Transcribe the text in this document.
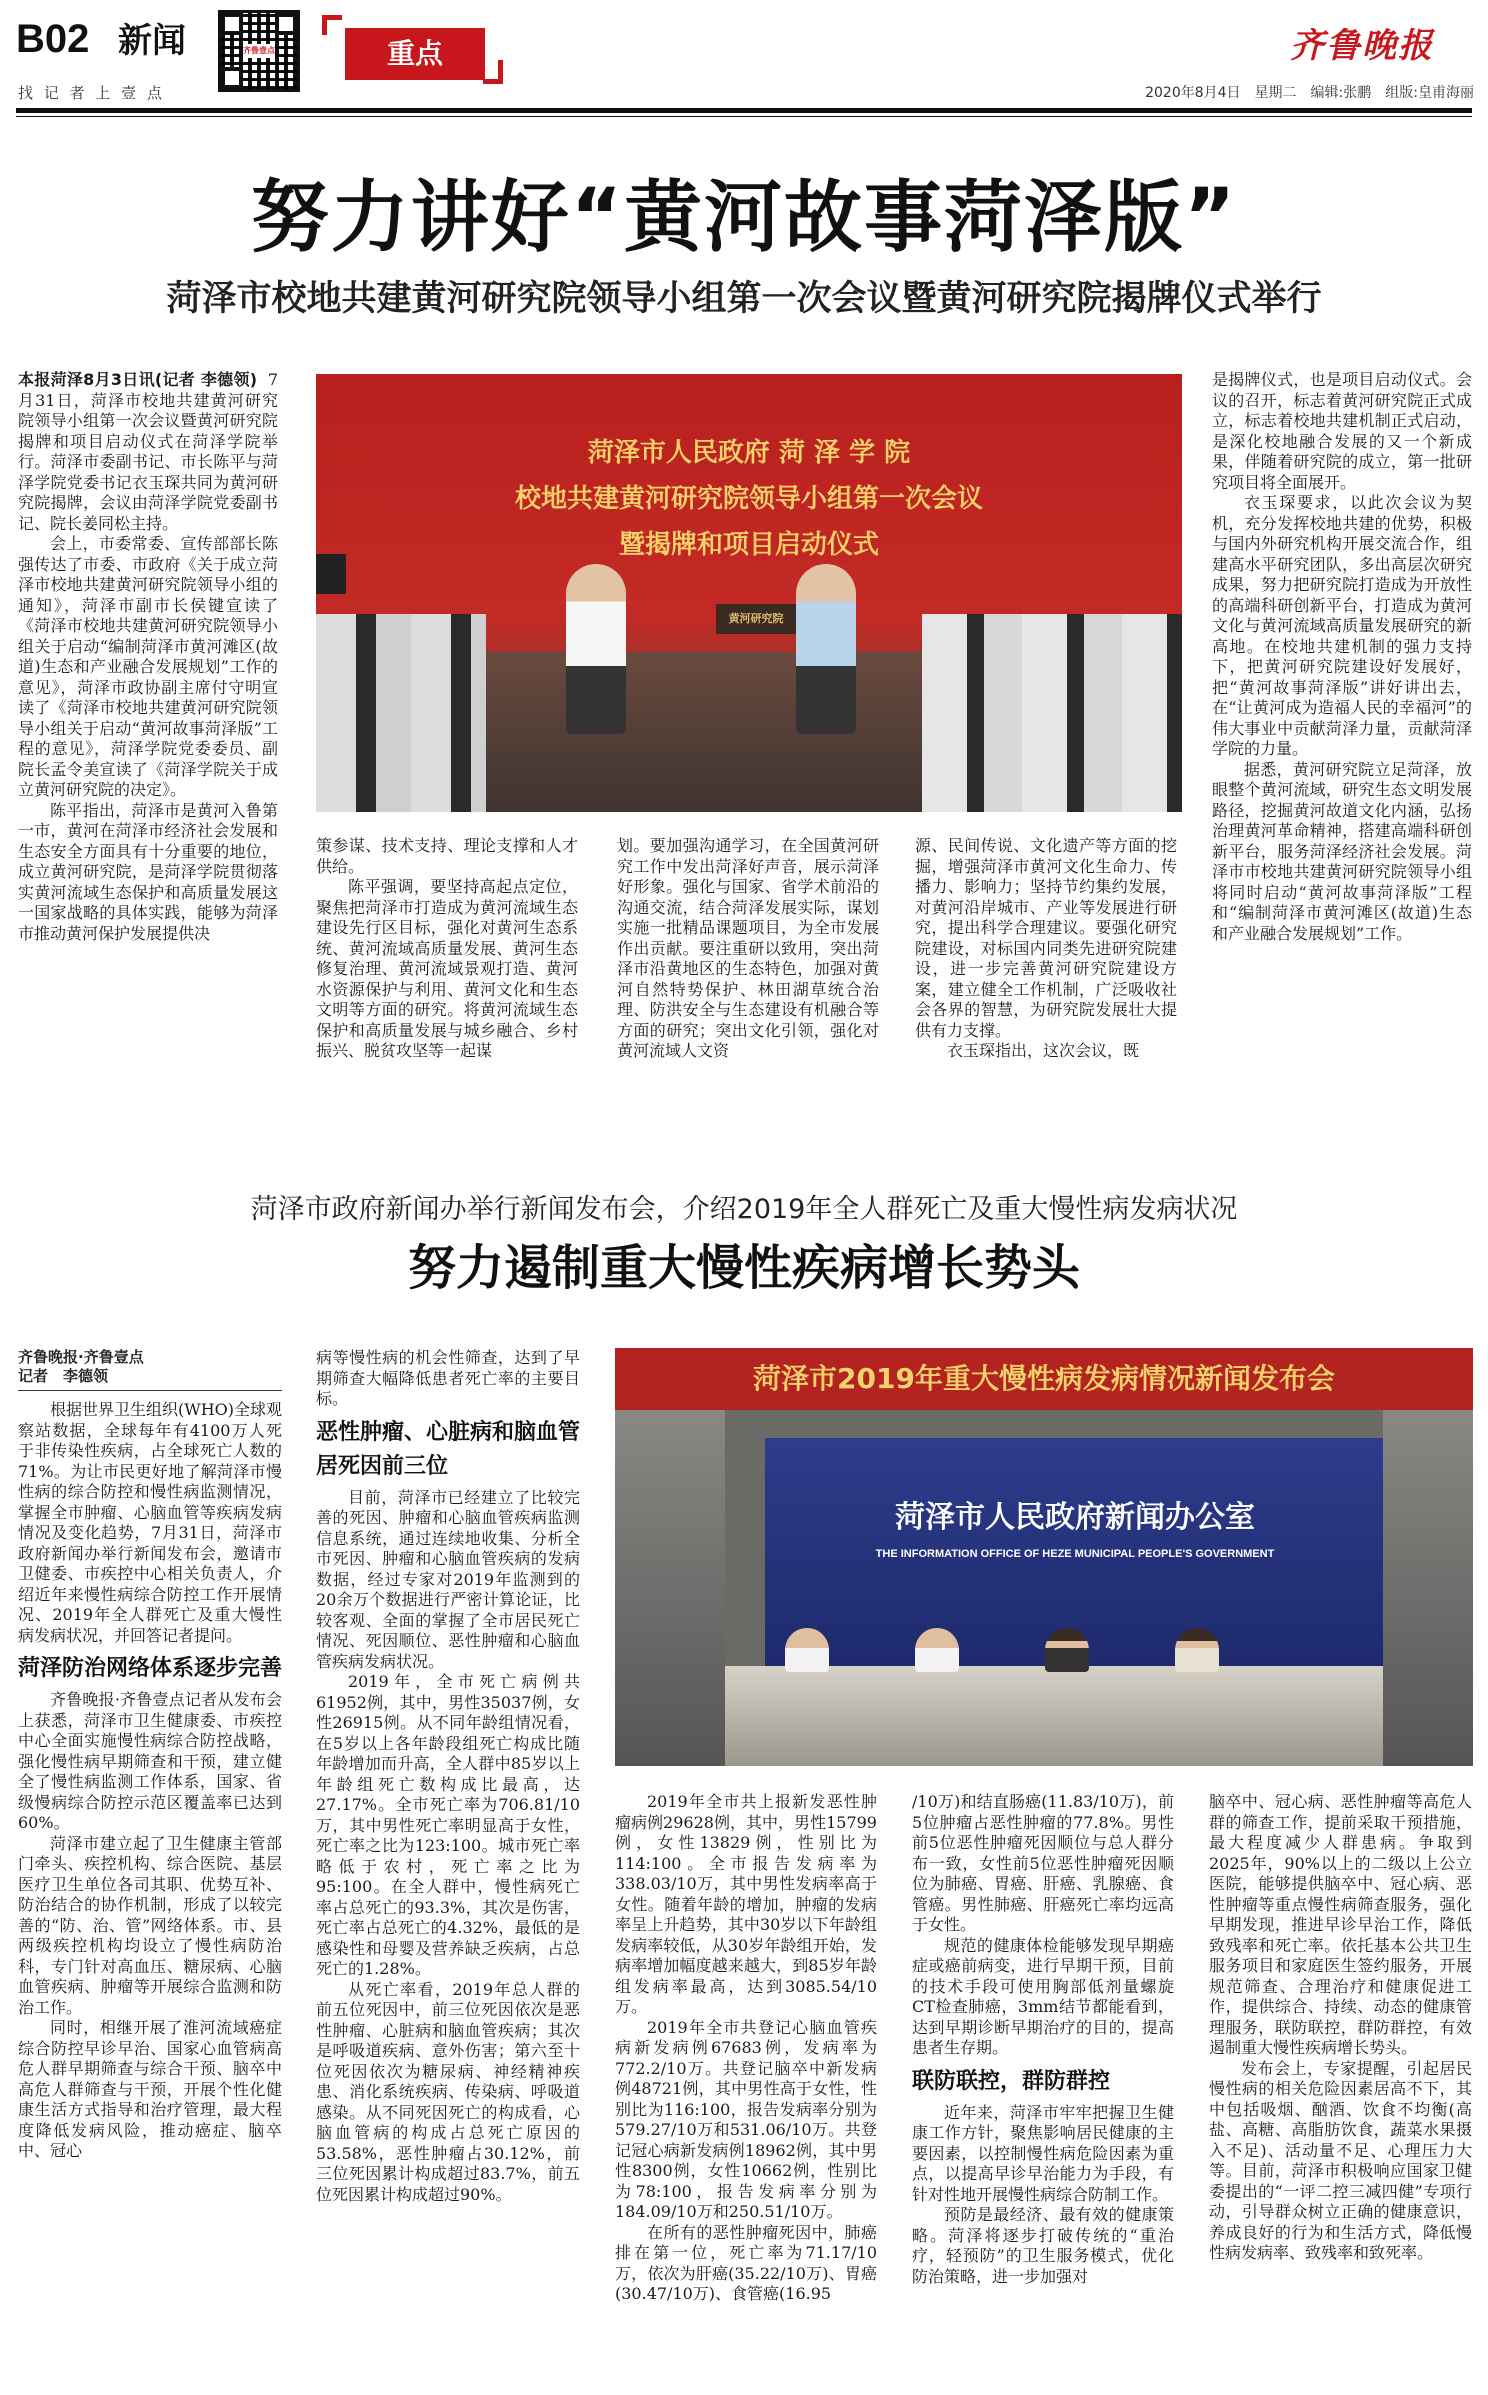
B02 新闻
找 记 者 上 壹 点
齐鲁壹点	重点	齐鲁晚报
2020年8月4日　星期二　编辑:张鹏　组版:皇甫海丽
努力讲好“黄河故事菏泽版”
菏泽市校地共建黄河研究院领导小组第一次会议暨黄河研究院揭牌仪式举行

本报菏泽8月3日讯(记者 李德领) 7月31日，菏泽市校地共建黄河研究院领导小组第一次会议暨黄河研究院揭牌和项目启动仪式在菏泽学院举行。菏泽市委副书记、市长陈平与菏泽学院党委书记衣玉琛共同为黄河研究院揭牌，会议由菏泽学院党委副书记、院长姜同松主持。

会上，市委常委、宣传部部长陈强传达了市委、市政府《关于成立菏泽市校地共建黄河研究院领导小组的通知》，菏泽市副市长侯键宣读了《菏泽市校地共建黄河研究院领导小组关于启动“编制菏泽市黄河滩区(故道)生态和产业融合发展规划”工作的意见》，菏泽市政协副主席付守明宣读了《菏泽市校地共建黄河研究院领导小组关于启动“黄河故事菏泽版”工程的意见》，菏泽学院党委委员、副院长孟令美宣读了《菏泽学院关于成立黄河研究院的决定》。

陈平指出，菏泽市是黄河入鲁第一市，黄河在菏泽市经济社会发展和生态安全方面具有十分重要的地位，成立黄河研究院，是菏泽学院贯彻落实黄河流域生态保护和高质量发展这一国家战略的具体实践，能够为菏泽市推动黄河保护发展提供决

菏泽市人民政府 菏 泽 学 院
校地共建黄河研究院领导小组第一次会议
暨揭牌和项目启动仪式
黄河研究院

策参谋、技术支持、理论支撑和人才供给。

陈平强调，要坚持高起点定位，聚焦把菏泽市打造成为黄河流域生态建设先行区目标，强化对黄河生态系统、黄河流域高质量发展、黄河生态修复治理、黄河流域景观打造、黄河水资源保护与利用、黄河文化和生态文明等方面的研究。将黄河流域生态保护和高质量发展与城乡融合、乡村振兴、脱贫攻坚等一起谋

划。要加强沟通学习，在全国黄河研究工作中发出菏泽好声音，展示菏泽好形象。强化与国家、省学术前沿的沟通交流，结合菏泽发展实际，谋划实施一批精品课题项目，为全市发展作出贡献。要注重研以致用，突出菏泽市沿黄地区的生态特色，加强对黄河自然特势保护、林田湖草统合治理、防洪安全与生态建设有机融合等方面的研究；突出文化引领，强化对黄河流域人文资

源、民间传说、文化遗产等方面的挖掘，增强菏泽市黄河文化生命力、传播力、影响力；坚持节约集约发展，对黄河沿岸城市、产业等发展进行研究，提出科学合理建议。要强化研究院建设，对标国内同类先进研究院建设，进一步完善黄河研究院建设方案，建立健全工作机制，广泛吸收社会各界的智慧，为研究院发展壮大提供有力支撑。

衣玉琛指出，这次会议，既

是揭牌仪式，也是项目启动仪式。会议的召开，标志着黄河研究院正式成立，标志着校地共建机制正式启动，是深化校地融合发展的又一个新成果，伴随着研究院的成立，第一批研究项目将全面展开。

衣玉琛要求，以此次会议为契机，充分发挥校地共建的优势，积极与国内外研究机构开展交流合作，组建高水平研究团队，多出高层次研究成果，努力把研究院打造成为开放性的高端科研创新平台，打造成为黄河文化与黄河流域高质量发展研究的新高地。在校地共建机制的强力支持下，把黄河研究院建设好发展好，把“黄河故事菏泽版”讲好讲出去，在“让黄河成为造福人民的幸福河”的伟大事业中贡献菏泽力量，贡献菏泽学院的力量。

据悉，黄河研究院立足菏泽，放眼整个黄河流域，研究生态文明发展路径，挖掘黄河故道文化内涵，弘扬治理黄河革命精神，搭建高端科研创新平台，服务菏泽经济社会发展。菏泽市市校地共建黄河研究院领导小组将同时启动“黄河故事菏泽版”工程和“编制菏泽市黄河滩区(故道)生态和产业融合发展规划”工作。

菏泽市政府新闻办举行新闻发布会，介绍2019年全人群死亡及重大慢性病发病状况
努力遏制重大慢性疾病增长势头
齐鲁晚报·齐鲁壹点
记者　李德领

根据世界卫生组织(WHO)全球观察站数据，全球每年有4100万人死于非传染性疾病，占全球死亡人数的71%。为让市民更好地了解菏泽市慢性病的综合防控和慢性病监测情况，掌握全市肿瘤、心脑血管等疾病发病情况及变化趋势，7月31日，菏泽市政府新闻办举行新闻发布会，邀请市卫健委、市疾控中心相关负责人，介绍近年来慢性病综合防控工作开展情况、2019年全人群死亡及重大慢性病发病状况，并回答记者提问。

菏泽防治网络体系逐步完善

齐鲁晚报·齐鲁壹点记者从发布会上获悉，菏泽市卫生健康委、市疾控中心全面实施慢性病综合防控战略，强化慢性病早期筛查和干预，建立健全了慢性病监测工作体系，国家、省级慢病综合防控示范区覆盖率已达到60%。

菏泽市建立起了卫生健康主管部门牵头、疾控机构、综合医院、基层医疗卫生单位各司其职、优势互补、防治结合的协作机制，形成了以较完善的“防、治、管”网络体系。市、县两级疾控机构均设立了慢性病防治科，专门针对高血压、糖尿病、心脑血管疾病、肿瘤等开展综合监测和防治工作。

同时，相继开展了淮河流域癌症综合防控早诊早治、国家心血管病高危人群早期筛查与综合干预、脑卒中高危人群筛查与干预，开展个性化健康生活方式指导和治疗管理，最大程度降低发病风险，推动癌症、脑卒中、冠心

病等慢性病的机会性筛查，达到了早期筛查大幅降低患者死亡率的主要目标。

恶性肿瘤、心脏病和脑血管居死因前三位

目前，菏泽市已经建立了比较完善的死因、肿瘤和心脑血管疾病监测信息系统，通过连续地收集、分析全市死因、肿瘤和心脑血管疾病的发病数据，经过专家对2019年监测到的20余万个数据进行严密计算论证，比较客观、全面的掌握了全市居民死亡情况、死因顺位、恶性肿瘤和心脑血管疾病发病状况。

2019年，全市死亡病例共61952例，其中，男性35037例，女性26915例。从不同年龄组情况看，在5岁以上各年龄段组死亡构成比随年龄增加而升高，全人群中85岁以上年龄组死亡数构成比最高，达27.17%。全市死亡率为706.81/10万，其中男性死亡率明显高于女性，死亡率之比为123:100。城市死亡率略低于农村，死亡率之比为95:100。在全人群中，慢性病死亡率占总死亡的93.3%，其次是伤害，死亡率占总死亡的4.32%，最低的是感染性和母婴及营养缺乏疾病，占总死亡的1.28%。

从死亡率看，2019年总人群的前五位死因中，前三位死因依次是恶性肿瘤、心脏病和脑血管疾病；其次是呼吸道疾病、意外伤害；第六至十位死因依次为糖尿病、神经精神疾患、消化系统疾病、传染病、呼吸道感染。从不同死因死亡的构成看，心脑血管病的构成占总死亡原因的53.58%，恶性肿瘤占30.12%，前三位死因累计构成超过83.7%，前五位死因累计构成超过90%。

菏泽市2019年重大慢性病发病情况新闻发布会
菏泽市人民政府新闻办公室
THE INFORMATION OFFICE OF HEZE MUNICIPAL PEOPLE'S GOVERNMENT

2019年全市共上报新发恶性肿瘤病例29628例，其中，男性15799例，女性13829例，性别比为114:100。全市报告发病率为338.03/10万，其中男性发病率高于女性。随着年龄的增加，肿瘤的发病率呈上升趋势，其中30岁以下年龄组发病率较低，从30岁年龄组开始，发病率增加幅度越来越大，到85岁年龄组发病率最高，达到3085.54/10万。

2019年全市共登记心脑血管疾病新发病例67683例，发病率为772.2/10万。共登记脑卒中新发病例48721例，其中男性高于女性，性别比为116:100，报告发病率分别为579.27/10万和531.06/10万。共登记冠心病新发病例18962例，其中男性8300例，女性10662例，性别比为78:100，报告发病率分别为184.09/10万和250.51/10万。

在所有的恶性肿瘤死因中，肺癌排在第一位，死亡率为71.17/10万，依次为肝癌(35.22/10万)、胃癌(30.47/10万)、食管癌(16.95

/10万)和结直肠癌(11.83/10万)，前5位肿瘤占恶性肿瘤的77.8%。男性前5位恶性肿瘤死因顺位与总人群分布一致，女性前5位恶性肿瘤死因顺位为肺癌、胃癌、肝癌、乳腺癌、食管癌。男性肺癌、肝癌死亡率均远高于女性。

规范的健康体检能够发现早期癌症或癌前病变，进行早期干预，目前的技术手段可使用胸部低剂量螺旋CT检查肺癌，3mm结节都能看到，达到早期诊断早期治疗的目的，提高患者生存期。

联防联控，群防群控

近年来，菏泽市牢牢把握卫生健康工作方针，聚焦影响居民健康的主要因素，以控制慢性病危险因素为重点，以提高早诊早治能力为手段，有针对性地开展慢性病综合防制工作。

预防是最经济、最有效的健康策略。菏泽将逐步打破传统的“重治疗，轻预防”的卫生服务模式，优化防治策略，进一步加强对

脑卒中、冠心病、恶性肿瘤等高危人群的筛查工作，提前采取干预措施，最大程度减少人群患病。争取到2025年，90%以上的二级以上公立医院，能够提供脑卒中、冠心病、恶性肿瘤等重点慢性病筛查服务，强化早期发现，推进早诊早治工作，降低致残率和死亡率。依托基本公共卫生服务项目和家庭医生签约服务，开展规范筛查、合理治疗和健康促进工作，提供综合、持续、动态的健康管理服务，联防联控，群防群控，有效遏制重大慢性疾病增长势头。

发布会上，专家提醒，引起居民慢性病的相关危险因素居高不下，其中包括吸烟、酗酒、饮食不均衡(高盐、高糖、高脂肪饮食，蔬菜水果摄入不足)、活动量不足、心理压力大等。目前，菏泽市积极响应国家卫健委提出的“一评二控三减四健”专项行动，引导群众树立正确的健康意识，养成良好的行为和生活方式，降低慢性病发病率、致残率和致死率。
